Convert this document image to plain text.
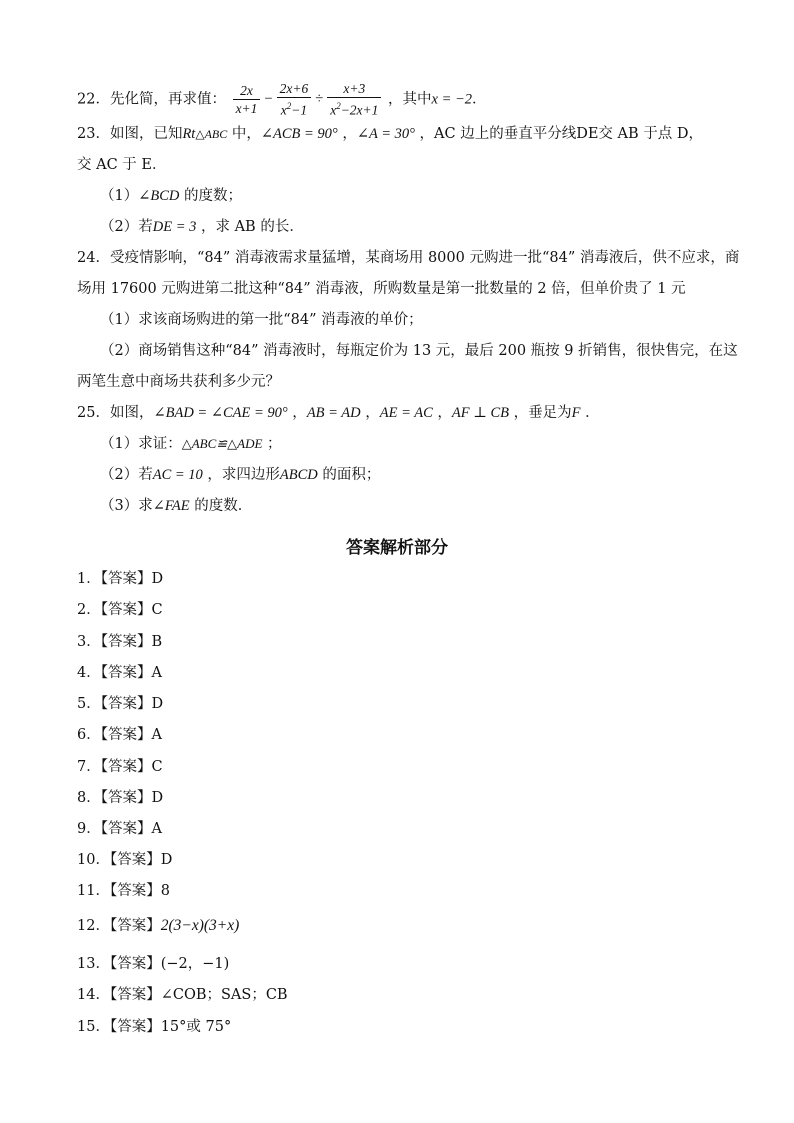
22．先化简，再求值： $\frac{2x}{x+1} - \frac{2x+6}{x^2-1} \div \frac{x+3}{x^2-2x+1}$ ，其中x = −2．
23．如图，已知Rt△ABC 中，∠ACB = 90° ，∠A = 30° ，AC 边上的垂直平分线DE交 AB 于点 D，
交 AC 于 E．
（1）∠BCD 的度数；
（2）若DE = 3 ，求 AB 的长．
24．受疫情影响，“84” 消毒液需求量猛增，某商场用 8000 元购进一批“84” 消毒液后，供不应求，商
场用 17600 元购进第二批这种“84” 消毒液，所购数量是第一批数量的 2 倍，但单价贵了 1 元
（1）求该商场购进的第一批“84” 消毒液的单价；
（2）商场销售这种“84” 消毒液时，每瓶定价为 13 元，最后 200 瓶按 9 折销售，很快售完，在这
两笔生意中商场共获利多少元？
25．如图，∠BAD = ∠CAE = 90° ，AB = AD ，AE = AC ，AF ⊥ CB ，垂足为F ．
（1）求证：△ABC≌△ADE ；
（2）若AC = 10 ，求四边形ABCD 的面积；
（3）求∠FAE 的度数．
答案解析部分
1．【答案】D
2．【答案】C
3．【答案】B
4．【答案】A
5．【答案】D
6．【答案】A
7．【答案】C
8．【答案】D
9．【答案】A
10．【答案】D
11．【答案】8
12．【答案】2(3−x)(3+x)
13．【答案】(−2，−1)
14．【答案】∠COB；SAS；CB
15．【答案】15°或 75°
